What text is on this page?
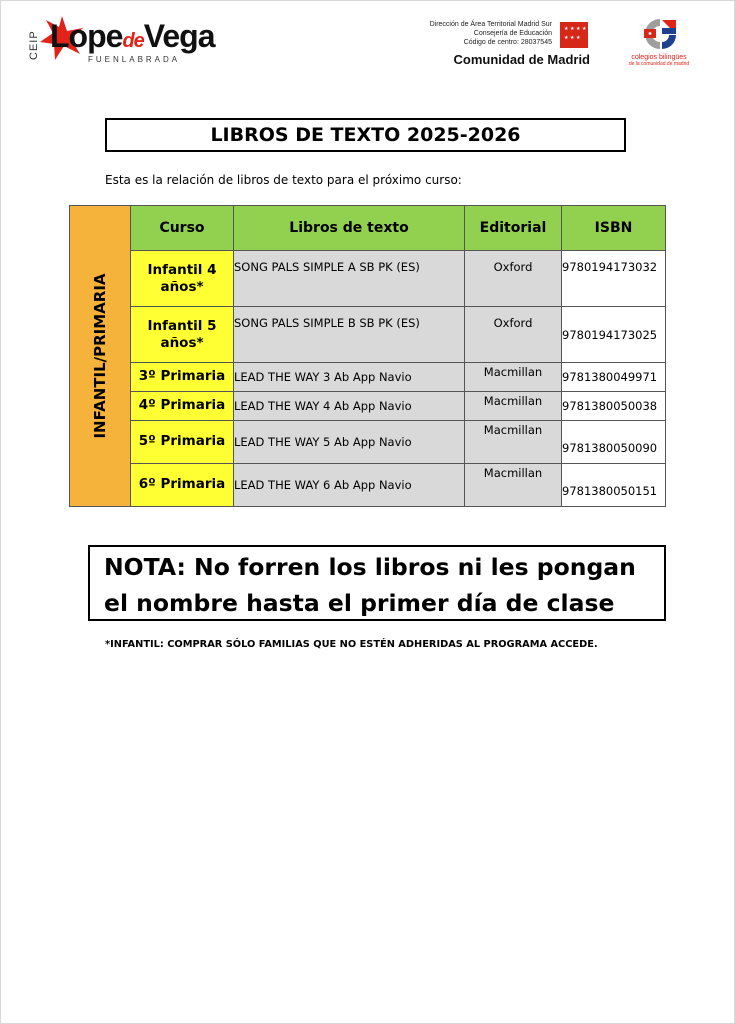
CEIP LopedeVega
FUENLABRADA
Dirección de Área Territorial Madrid Sur
Consejería de Educación
Código de centro: 28037545
★ ★ ★ ★
★ ★ ★
Comunidad de Madrid	colegios bilingües
de la comunidad de madrid
LIBROS DE TEXTO 2025-2026
Esta es la relación de libros de texto para el próximo curso:
INFANTIL/PRIMARIA	Curso	Libros de texto	Editorial	ISBN
	Infantil 4 años*	SONG PALS SIMPLE A SB PK (ES)	Oxford	9780194173032
	Infantil 5 años*	SONG PALS SIMPLE B SB PK (ES)	Oxford	9780194173025
	3º Primaria	LEAD THE WAY 3 Ab App Navio	Macmillan	9781380049971
	4º Primaria	LEAD THE WAY 4 Ab App Navio	Macmillan	9781380050038
	5º Primaria	LEAD THE WAY 5 Ab App Navio	Macmillan	9781380050090
	6º Primaria	LEAD THE WAY 6 Ab App Navio	Macmillan	9781380050151
NOTA: No forren los libros ni les pongan el nombre hasta el primer día de clase
*INFANTIL: COMPRAR SÓLO FAMILIAS QUE NO ESTÉN ADHERIDAS AL PROGRAMA ACCEDE.
